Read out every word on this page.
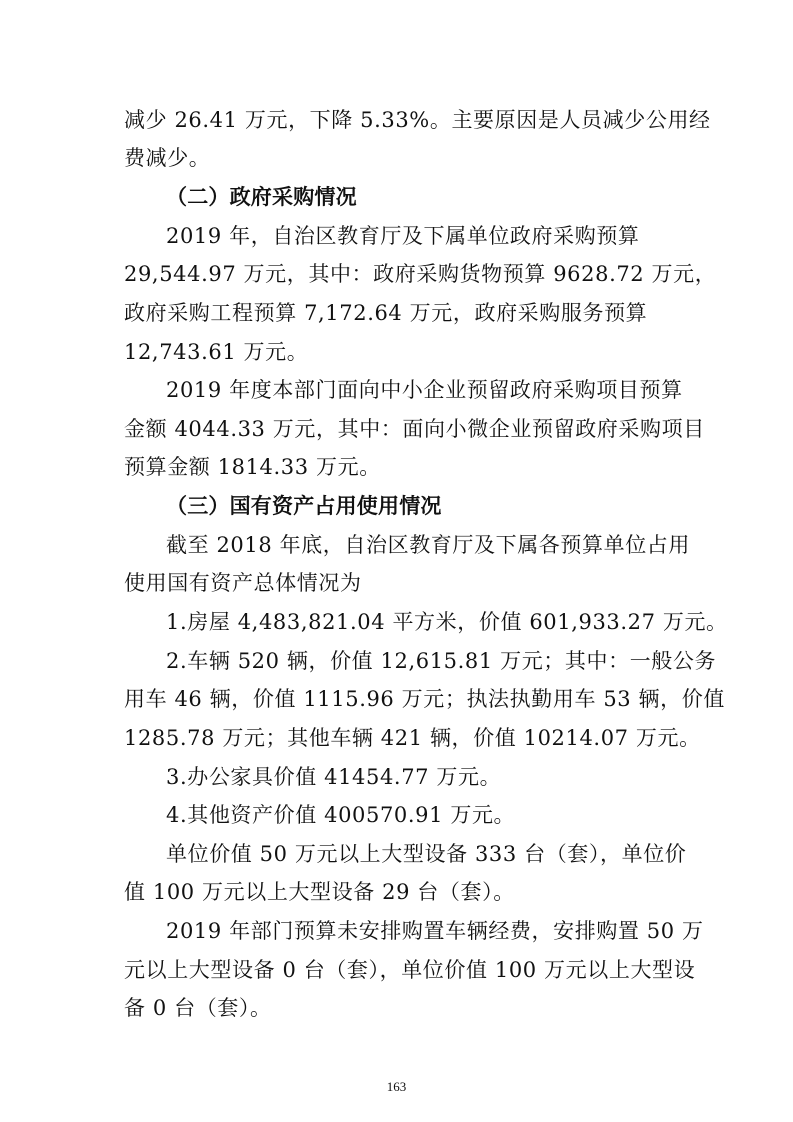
减少 26.41 万元，下降 5.33%。主要原因是人员减少公用经
费减少。
（二）政府采购情况
2019 年，自治区教育厅及下属单位政府采购预算
29,544.97 万元，其中：政府采购货物预算 9628.72 万元，
政府采购工程预算 7,172.64 万元，政府采购服务预算
12,743.61 万元。
2019 年度本部门面向中小企业预留政府采购项目预算
金额 4044.33 万元，其中：面向小微企业预留政府采购项目
预算金额 1814.33 万元。
（三）国有资产占用使用情况
截至 2018 年底，自治区教育厅及下属各预算单位占用
使用国有资产总体情况为
1.房屋 4,483,821.04 平方米，价值 601,933.27 万元。
2.车辆 520 辆，价值 12,615.81 万元；其中：一般公务
用车 46 辆，价值 1115.96 万元；执法执勤用车 53 辆，价值
1285.78 万元；其他车辆 421 辆，价值 10214.07 万元。
3.办公家具价值 41454.77 万元。
4.其他资产价值 400570.91 万元。
单位价值 50 万元以上大型设备 333 台（套），单位价
值 100 万元以上大型设备 29 台（套）。
2019 年部门预算未安排购置车辆经费，安排购置 50 万
元以上大型设备 0 台（套），单位价值 100 万元以上大型设
备 0 台（套）。
163
